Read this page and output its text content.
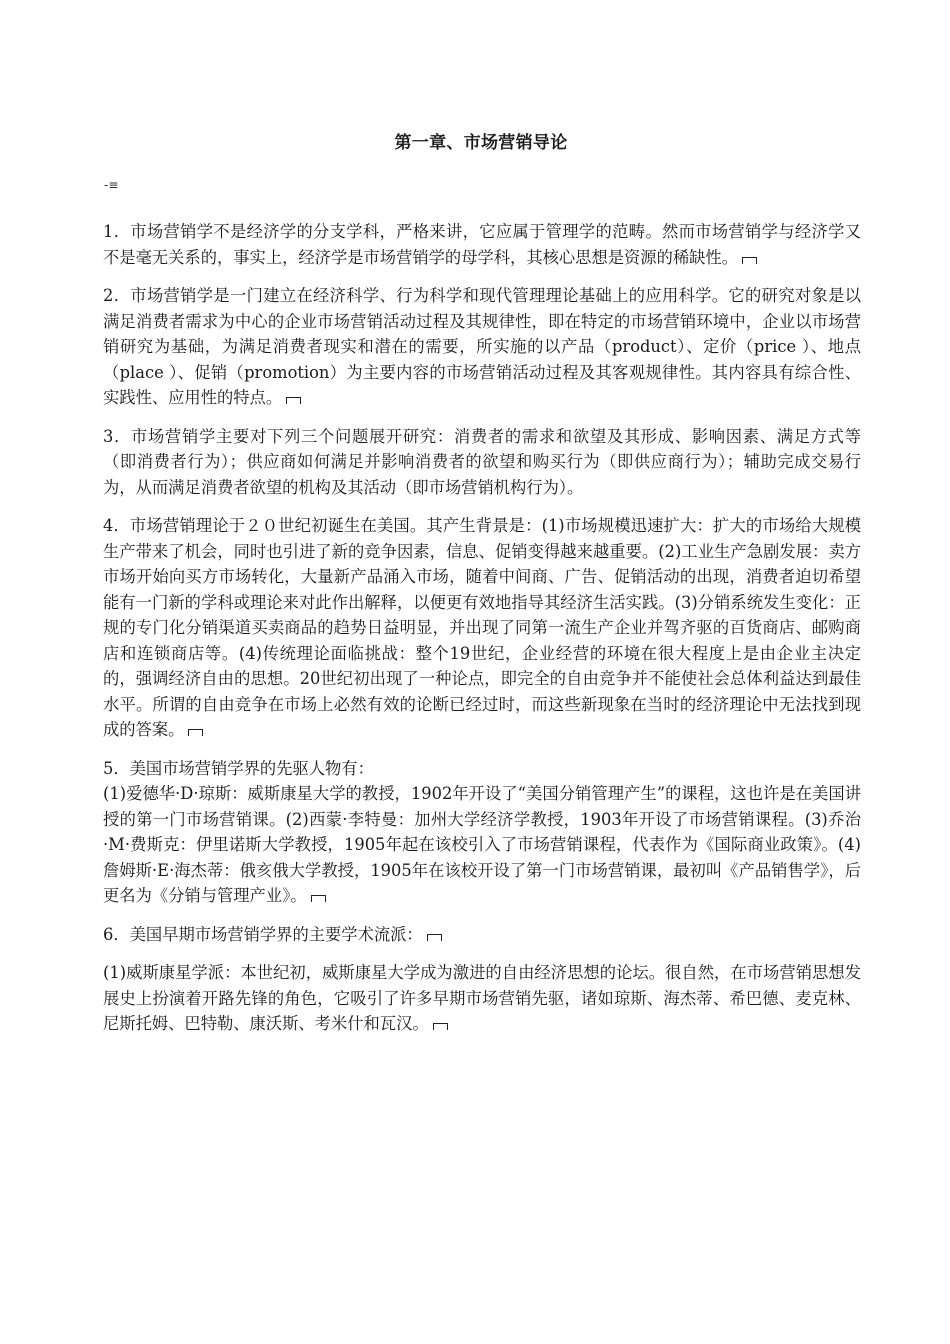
第一章、市场营销导论
-≡

1．市场营销学不是经济学的分支学科，严格来讲，它应属于管理学的范畴。然而市场营销学与经济学又不是毫无关系的，事实上，经济学是市场营销学的母学科，其核心思想是资源的稀缺性。

2．市场营销学是一门建立在经济科学、行为科学和现代管理理论基础上的应用科学。它的研究对象是以满足消费者需求为中心的企业市场营销活动过程及其规律性，即在特定的市场营销环境中，企业以市场营销研究为基础，为满足消费者现实和潜在的需要，所实施的以产品（product）、定价（price ）、地点（place ）、促销（promotion）为主要内容的市场营销活动过程及其客观规律性。其内容具有综合性、实践性、应用性的特点。

3．市场营销学主要对下列三个问题展开研究：消费者的需求和欲望及其形成、影响因素、满足方式等（即消费者行为）；供应商如何满足并影响消费者的欲望和购买行为（即供应商行为）；辅助完成交易行为，从而满足消费者欲望的机构及其活动（即市场营销机构行为）。

4．市场营销理论于２０世纪初诞生在美国。其产生背景是：(1)市场规模迅速扩大：扩大的市场给大规模生产带来了机会，同时也引进了新的竞争因素，信息、促销变得越来越重要。(2)工业生产急剧发展：卖方市场开始向买方市场转化，大量新产品涌入市场，随着中间商、广告、促销活动的出现，消费者迫切希望能有一门新的学科或理论来对此作出解释，以便更有效地指导其经济生活实践。(3)分销系统发生变化：正规的专门化分销渠道买卖商品的趋势日益明显，并出现了同第一流生产企业并驾齐驱的百货商店、邮购商店和连锁商店等。(4)传统理论面临挑战：整个19世纪，企业经营的环境在很大程度上是由企业主决定的，强调经济自由的思想。20世纪初出现了一种论点，即完全的自由竞争并不能使社会总体利益达到最佳水平。所谓的自由竞争在市场上必然有效的论断已经过时，而这些新现象在当时的经济理论中无法找到现成的答案。

5．美国市场营销学界的先驱人物有：

(1)爱德华·D·琼斯：威斯康星大学的教授，1902年开设了“美国分销管理产生”的课程，这也许是在美国讲授的第一门市场营销课。(2)西蒙·李特曼：加州大学经济学教授，1903年开设了市场营销课程。(3)乔治·M·费斯克：伊里诺斯大学教授，1905年起在该校引入了市场营销课程，代表作为《国际商业政策》。(4)詹姆斯·E·海杰蒂：俄亥俄大学教授，1905年在该校开设了第一门市场营销课，最初叫《产品销售学》，后更名为《分销与管理产业》。

6．美国早期市场营销学界的主要学术流派：

(1)威斯康星学派：本世纪初，威斯康星大学成为激进的自由经济思想的论坛。很自然，在市场营销思想发展史上扮演着开路先锋的角色，它吸引了许多早期市场营销先驱，诸如琼斯、海杰蒂、希巴德、麦克林、尼斯托姆、巴特勒、康沃斯、考米什和瓦汉。
